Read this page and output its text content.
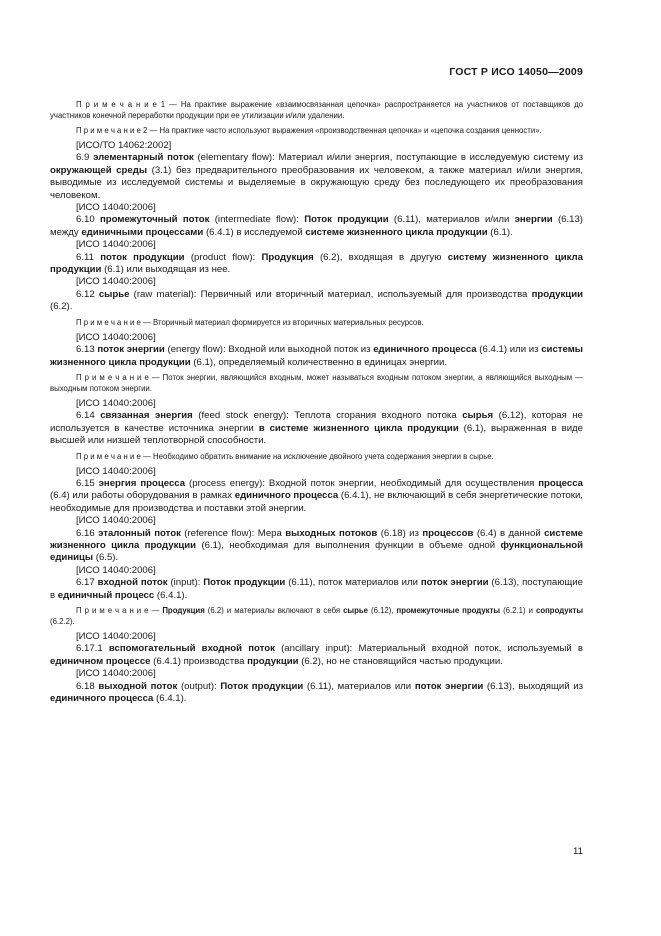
ГОСТ Р ИСО 14050—2009

П р и м е ч а н и е 1 — На практике выражение «взаимосвязанная цепочка» распространяется на участников от поставщиков до участников конечной переработки продукции при ее утилизации и/или удалении.

П р и м е ч а н и е 2 — На практике часто используют выражения «производственная цепочка» и «цепочка создания ценности».

[ИСО/ТО 14062:2002]

6.9 элементарный поток (elementary flow): Материал и/или энергия, поступающие в исследуемую систему из окружающей среды (3.1) без предварительного преобразования их человеком, а также материал и/или энергия, выводимые из исследуемой системы и выделяемые в окружающую среду без последующего их преобразования человеком.

[ИСО 14040:2006]

6.10 промежуточный поток (intermediate flow): Поток продукции (6.11), материалов и/или энергии (6.13) между единичными процессами (6.4.1) в исследуемой системе жизненного цикла продукции (6.1).

[ИСО 14040:2006]

6.11 поток продукции (product flow): Продукция (6.2), входящая в другую систему жизненного цикла продукции (6.1) или выходящая из нее.

[ИСО 14040:2006]

6.12 сырье (raw material): Первичный или вторичный материал, используемый для производства продукции (6.2).

П р и м е ч а н и е — Вторичный материал формируется из вторичных материальных ресурсов.

[ИСО 14040:2006]

6.13 поток энергии (energy flow): Входной или выходной поток из единичного процесса (6.4.1) или из системы жизненного цикла продукции (6.1), определяемый количественно в единицах энергии.

П р и м е ч а н и е — Поток энергии, являющийся входным, может называться входным потоком энергии, а являющийся выходным — выходным потоком энергии.

[ИСО 14040:2006]

6.14 связанная энергия (feed stock energy): Теплота сгорания входного потока сырья (6.12), которая не используется в качестве источника энергии в системе жизненного цикла продукции (6.1), выраженная в виде высшей или низшей теплотворной способности.

П р и м е ч а н и е — Необходимо обратить внимание на исключение двойного учета содержания энергии в сырье.

[ИСО 14040:2006]

6.15 энергия процесса (process energy): Входной поток энергии, необходимый для осуществления процесса (6.4) или работы оборудования в рамках единичного процесса (6.4.1), не включающий в себя энергетические потоки, необходимые для производства и поставки этой энергии.

[ИСО 14040:2006]

6.16 эталонный поток (reference flow): Мера выходных потоков (6.18) из процессов (6.4) в данной системе жизненного цикла продукции (6.1), необходимая для выполнения функции в объеме одной функциональной единицы (6.5).

[ИСО 14040:2006]

6.17 входной поток (input): Поток продукции (6.11), поток материалов или поток энергии (6.13), поступающие в единичный процесс (6.4.1).

П р и м е ч а н и е — Продукция (6.2) и материалы включают в себя сырье (6.12), промежуточные продукты (6.2.1) и сопродукты (6.2.2).

[ИСО 14040:2006]

6.17.1 вспомогательный входной поток (ancillary input): Материальный входной поток, используемый в единичном процессе (6.4.1) производства продукции (6.2), но не становящийся частью продукции.

[ИСО 14040:2006]

6.18 выходной поток (output): Поток продукции (6.11), материалов или поток энергии (6.13), выходящий из единичного процесса (6.4.1).

11
